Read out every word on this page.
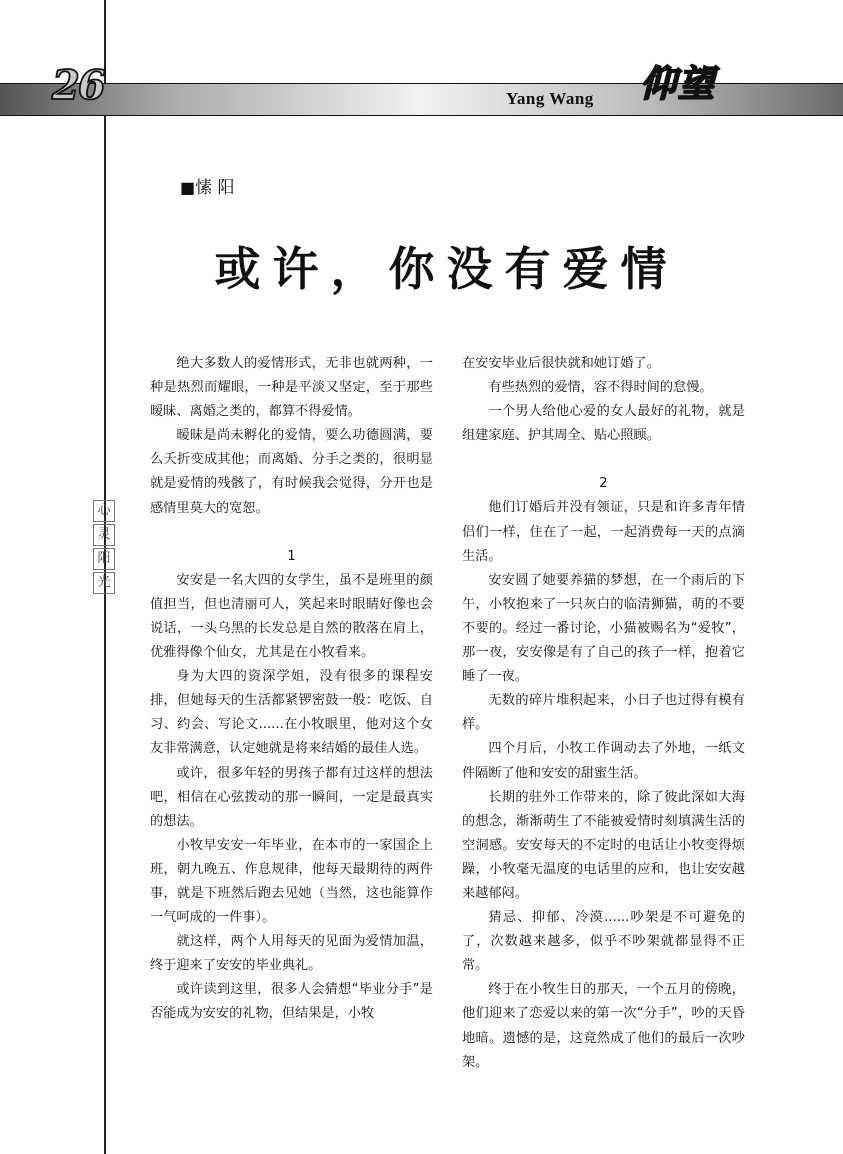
26	Yang Wang 仰望
■愫 阳
或许，你没有爱情
心
灵
阳
光

绝大多数人的爱情形式，无非也就两种，一种是热烈而耀眼，一种是平淡又坚定，至于那些暧昧、离婚之类的，都算不得爱情。

暧昧是尚未孵化的爱情，要么功德圆满，要么夭折变成其他；而离婚、分手之类的，很明显就是爱情的残骸了，有时候我会觉得，分开也是感情里莫大的宽恕。

1

安安是一名大四的女学生，虽不是班里的颜值担当，但也清丽可人，笑起来时眼睛好像也会说话，一头乌黑的长发总是自然的散落在肩上，优雅得像个仙女，尤其是在小牧看来。

身为大四的资深学姐，没有很多的课程安排，但她每天的生活都紧锣密鼓一般：吃饭、自习、约会、写论文......在小牧眼里，他对这个女友非常满意，认定她就是将来结婚的最佳人选。

或许，很多年轻的男孩子都有过这样的想法吧，相信在心弦拨动的那一瞬间，一定是最真实的想法。

小牧早安安一年毕业，在本市的一家国企上班，朝九晚五、作息规律，他每天最期待的两件事，就是下班然后跑去见她（当然，这也能算作一气呵成的一件事）。

就这样，两个人用每天的见面为爱情加温，终于迎来了安安的毕业典礼。

或许读到这里，很多人会猜想“毕业分手”是否能成为安安的礼物，但结果是，小牧

在安安毕业后很快就和她订婚了。

有些热烈的爱情，容不得时间的怠慢。

一个男人给他心爱的女人最好的礼物，就是组建家庭、护其周全、贴心照顾。

2

他们订婚后并没有领证，只是和许多青年情侣们一样，住在了一起，一起消费每一天的点滴生活。

安安圆了她要养猫的梦想，在一个雨后的下午，小牧抱来了一只灰白的临清狮猫，萌的不要不要的。经过一番讨论，小猫被赐名为“爱牧”，那一夜，安安像是有了自己的孩子一样，抱着它睡了一夜。

无数的碎片堆积起来，小日子也过得有模有样。

四个月后，小牧工作调动去了外地，一纸文件隔断了他和安安的甜蜜生活。

长期的驻外工作带来的，除了彼此深如大海的想念，渐渐萌生了不能被爱情时刻填满生活的空洞感。安安每天的不定时的电话让小牧变得烦躁，小牧毫无温度的电话里的应和，也让安安越来越郁闷。

猜忌、抑郁、冷漠......吵架是不可避免的了，次数越来越多，似乎不吵架就都显得不正常。

终于在小牧生日的那天，一个五月的傍晚，他们迎来了恋爱以来的第一次“分手”，吵的天昏地暗。遗憾的是，这竟然成了他们的最后一次吵架。
